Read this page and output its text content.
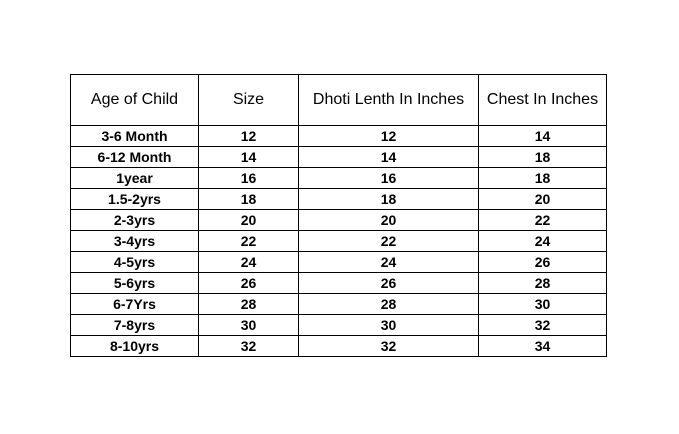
Age of Child	Size	Dhoti Lenth In Inches	Chest In Inches
3-6 Month	12	12	14
6-12 Month	14	14	18
1year	16	16	18
1.5-2yrs	18	18	20
2-3yrs	20	20	22
3-4yrs	22	22	24
4-5yrs	24	24	26
5-6yrs	26	26	28
6-7Yrs	28	28	30
7-8yrs	30	30	32
8-10yrs	32	32	34
